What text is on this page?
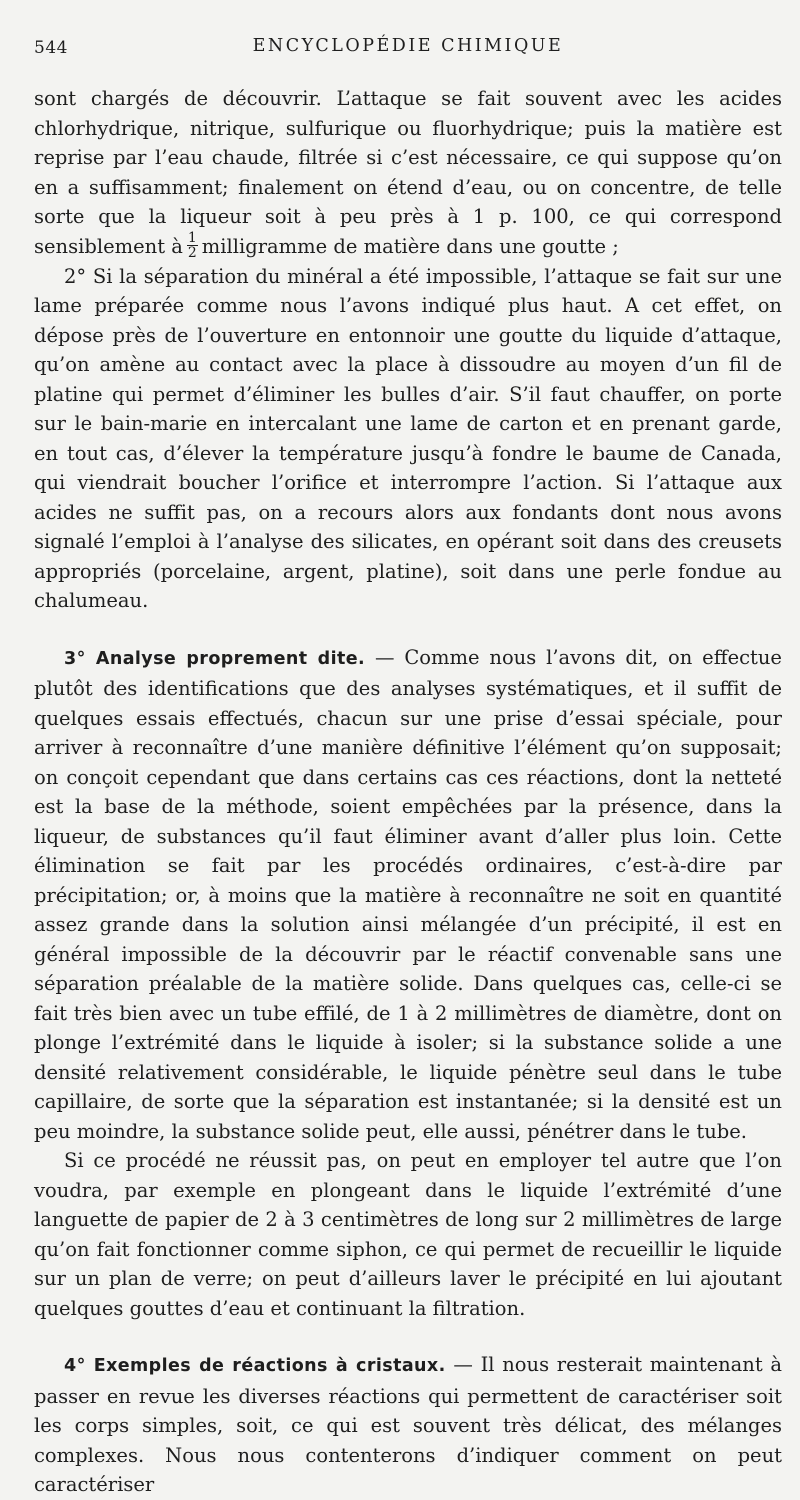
544	ENCYCLOPÉDIE CHIMIQUE

sont chargés de découvrir. L’attaque se fait souvent avec les acides chlorhydrique, nitrique, sulfurique ou fluorhydrique; puis la matière est reprise par l’eau chaude, filtrée si c’est nécessaire, ce qui suppose qu’on en a suffisamment; finalement on étend d’eau, ou on concentre, de telle sorte que la liqueur soit à peu près à 1 p. 100, ce qui correspond sensiblement à $\frac{1}{2}$ milligramme de matière dans une goutte ;

2° Si la séparation du minéral a été impossible, l’attaque se fait sur une lame préparée comme nous l’avons indiqué plus haut. A cet effet, on dépose près de l’ouverture en entonnoir une goutte du liquide d’attaque, qu’on amène au contact avec la place à dissoudre au moyen d’un fil de platine qui permet d’éliminer les bulles d’air. S’il faut chauffer, on porte sur le bain-marie en intercalant une lame de carton et en prenant garde, en tout cas, d’élever la température jusqu’à fondre le baume de Canada, qui viendrait boucher l’orifice et interrompre l’action. Si l’attaque aux acides ne suffit pas, on a recours alors aux fondants dont nous avons signalé l’emploi à l’analyse des silicates, en opérant soit dans des creusets appropriés (porcelaine, argent, platine), soit dans une perle fondue au chalumeau.

3° Analyse proprement dite. — Comme nous l’avons dit, on effectue plutôt des identifications que des analyses systématiques, et il suffit de quelques essais effectués, chacun sur une prise d’essai spéciale, pour arriver à reconnaître d’une manière définitive l’élément qu’on supposait; on conçoit cependant que dans certains cas ces réactions, dont la netteté est la base de la méthode, soient empêchées par la présence, dans la liqueur, de substances qu’il faut éliminer avant d’aller plus loin. Cette élimination se fait par les procédés ordinaires, c’est-à-dire par précipitation; or, à moins que la matière à reconnaître ne soit en quantité assez grande dans la solution ainsi mélangée d’un précipité, il est en général impossible de la découvrir par le réactif convenable sans une séparation préalable de la matière solide. Dans quelques cas, celle-ci se fait très bien avec un tube effilé, de 1 à 2 millimètres de diamètre, dont on plonge l’extrémité dans le liquide à isoler; si la substance solide a une densité relativement considérable, le liquide pénètre seul dans le tube capillaire, de sorte que la séparation est instantanée; si la densité est un peu moindre, la substance solide peut, elle aussi, pénétrer dans le tube.

Si ce procédé ne réussit pas, on peut en employer tel autre que l’on voudra, par exemple en plongeant dans le liquide l’extrémité d’une languette de papier de 2 à 3 centimètres de long sur 2 millimètres de large qu’on fait fonctionner comme siphon, ce qui permet de recueillir le liquide sur un plan de verre; on peut d’ailleurs laver le précipité en lui ajoutant quelques gouttes d’eau et continuant la filtration.

4° Exemples de réactions à cristaux. — Il nous resterait maintenant à passer en revue les diverses réactions qui permettent de caractériser soit les corps simples, soit, ce qui est souvent très délicat, des mélanges complexes. Nous nous contenterons d’indiquer comment on peut caractériser
